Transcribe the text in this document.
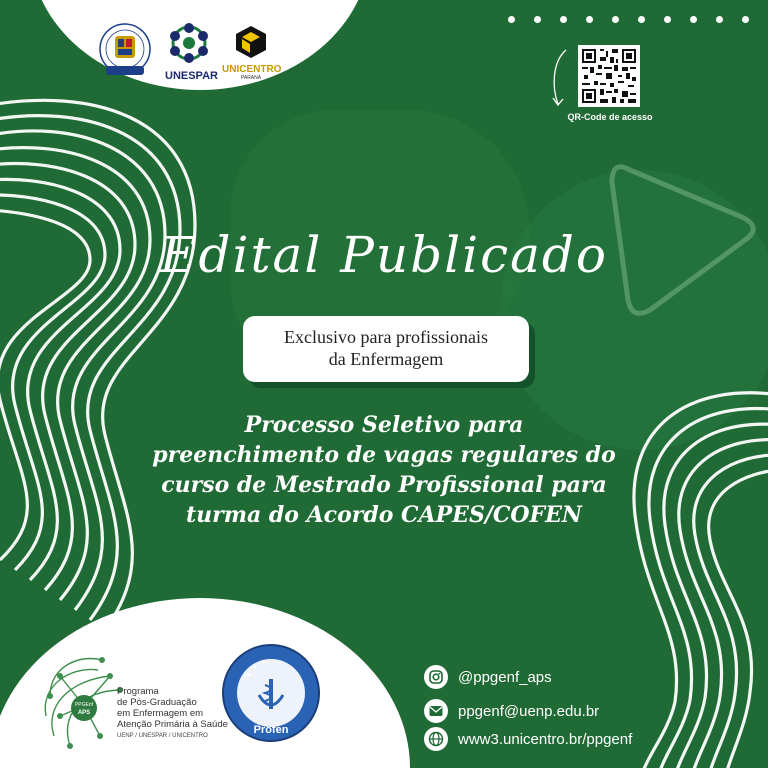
UNESPAR
UNICENTRO
PARANÁ
QR-Code de acesso
Edital Publicado
Exclusivo para profissionais
da Enfermagem
Processo Seletivo para
preenchimento de vagas regulares do
curso de Mestrado Profissional para
turma do Acordo CAPES/COFEN
PPGEnf
APS
Programa
de Pós-Graduação
em Enfermagem em
Atenção Primária à Saúde
UENP / UNESPAR / UNICENTRO	Profen
@ppgenf_aps
ppgenf@uenp.edu.br
www3.unicentro.br/ppgenf
